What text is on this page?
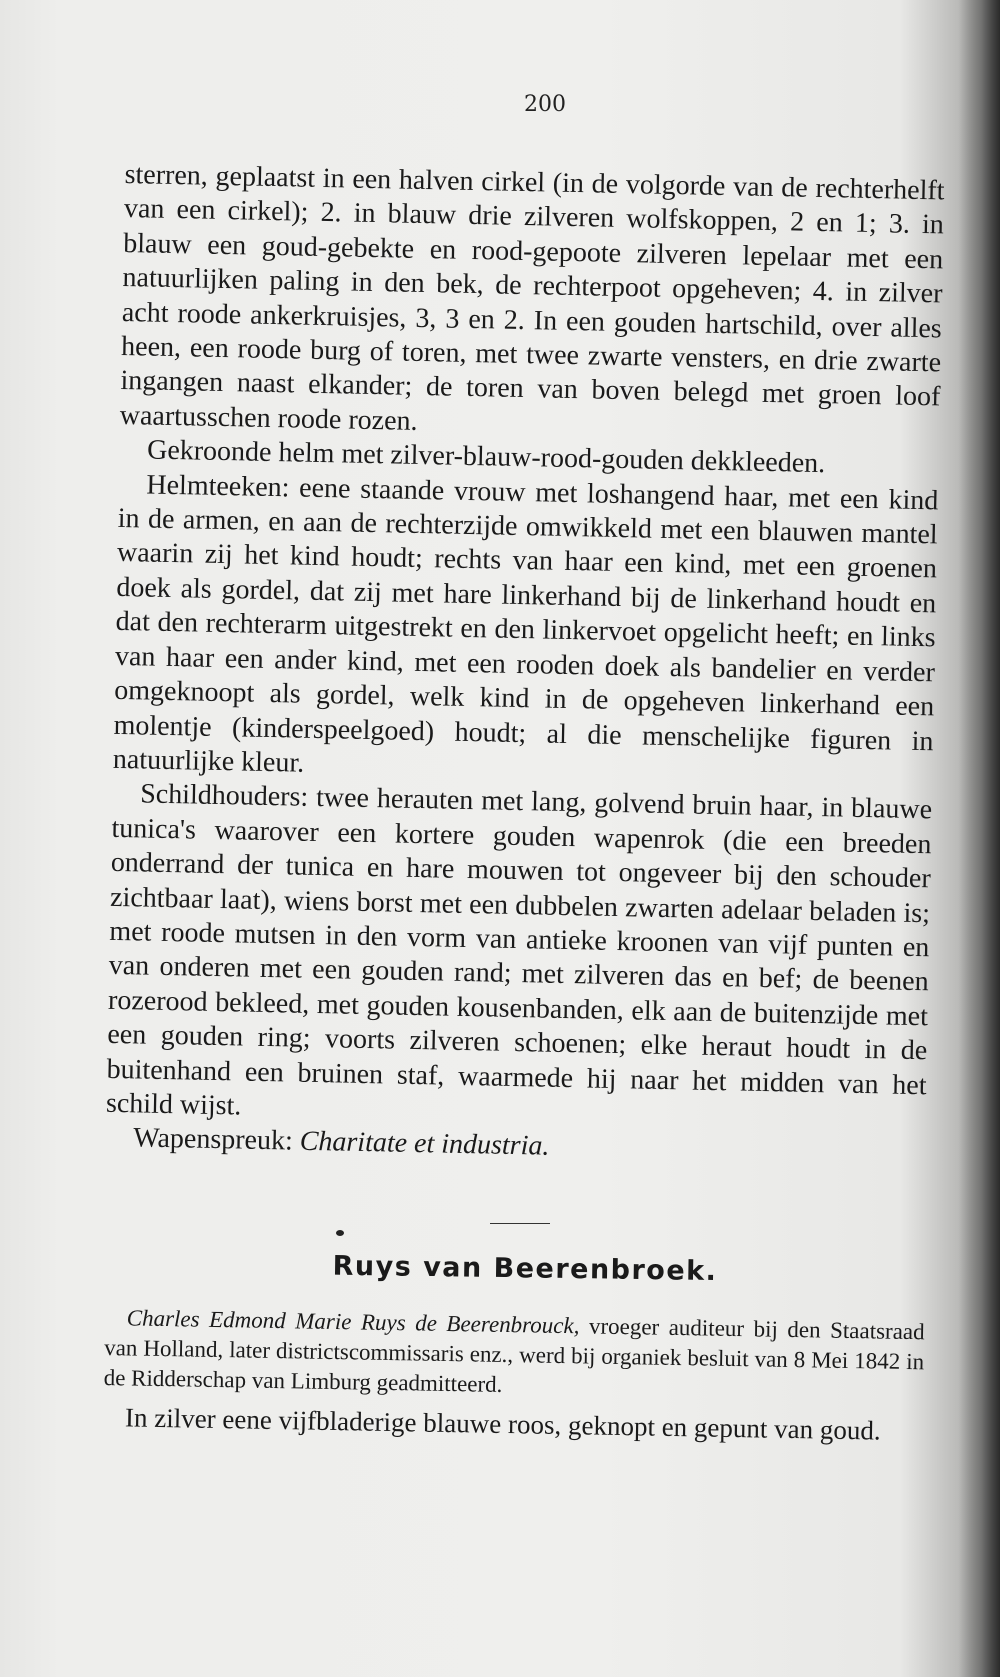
200

sterren, geplaatst in een halven cirkel (in de volgorde van de rechterhelft van een cirkel); 2. in blauw drie zilveren wolfskoppen, 2 en 1; 3. in blauw een goud-gebekte en rood-gepoote zilveren lepelaar met een natuurlijken paling in den bek, de rechterpoot opgeheven; 4. in zilver acht roode ankerkruisjes, 3, 3 en 2. In een gouden hartschild, over alles heen, een roode burg of toren, met twee zwarte vensters, en drie zwarte ingangen naast elkander; de toren van boven belegd met groen loof waartusschen roode rozen.

Gekroonde helm met zilver-blauw-rood-gouden dekkleeden.

Helmteeken: eene staande vrouw met loshangend haar, met een kind in de armen, en aan de rechterzijde omwikkeld met een blauwen mantel waarin zij het kind houdt; rechts van haar een kind, met een groenen doek als gordel, dat zij met hare linkerhand bij de linkerhand houdt en dat den rechterarm uitgestrekt en den linkervoet opgelicht heeft; en links van haar een ander kind, met een rooden doek als bandelier en verder omgeknoopt als gordel, welk kind in de opgeheven linkerhand een molentje (kinderspeelgoed) houdt; al die menschelijke figuren in natuurlijke kleur.

Schildhouders: twee herauten met lang, golvend bruin haar, in blauwe tunica's waarover een kortere gouden wapenrok (die een breeden onderrand der tunica en hare mouwen tot ongeveer bij den schouder zichtbaar laat), wiens borst met een dubbelen zwarten adelaar beladen is; met roode mutsen in den vorm van antieke kroonen van vijf punten en van onderen met een gouden rand; met zilveren das en bef; de beenen rozerood bekleed, met gouden kousenbanden, elk aan de buitenzijde met een gouden ring; voorts zilveren schoenen; elke heraut houdt in de buitenhand een bruinen staf, waarmede hij naar het midden van het schild wijst.

Wapenspreuk: Charitate et industria.

Ruys van Beerenbroek.

Charles Edmond Marie Ruys de Beerenbrouck, vroeger auditeur bij den Staatsraad van Holland, later districtscommissaris enz., werd bij organiek besluit van 8 Mei 1842 in de Ridderschap van Limburg geadmitteerd.

In zilver eene vijfbladerige blauwe roos, geknopt en gepunt van goud.
